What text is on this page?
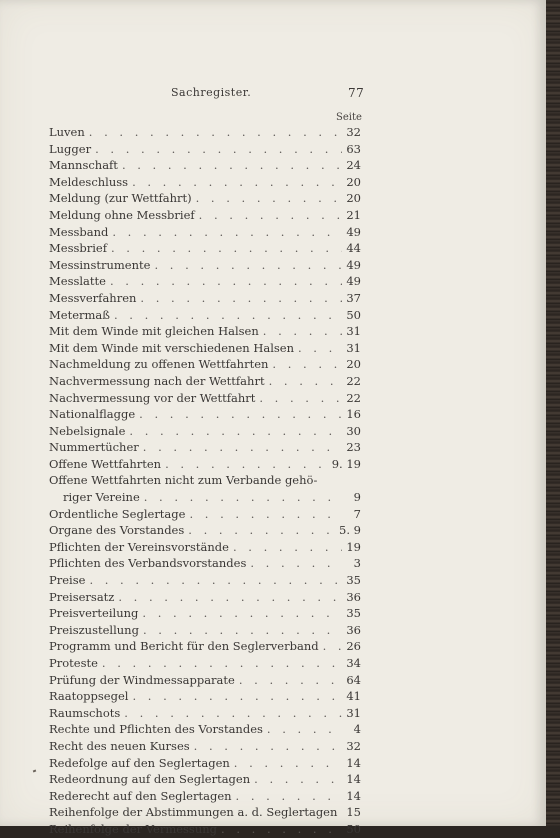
Sachregister.	77
Seite
Luven . . .	32
Lugger . . .	63
Mannschaft . . .	24
Meldeschluss . . .	20
Meldung (zur Wettfahrt) . . .	20
Meldung ohne Messbrief . . .	21
Messband . . .	49
Messbrief . . .	44
Messinstrumente . . .	49
Messlatte . . .	49
Messverfahren . . .	37
Metermaß . . .	50
Mit dem Winde mit gleichen Halsen . . .	31
Mit dem Winde mit verschiedenen Halsen . . .	31
Nachmeldung zu offenen Wettfahrten . . .	20
Nachvermessung nach der Wettfahrt . . .	22
Nachvermessung vor der Wettfahrt . . .	22
Nationalflagge . . .	16
Nebelsignale . . .	30
Nummertücher . . .	23
Offene Wettfahrten . . .	9. 19
Offene Wettfahrten nicht zum Verbande gehö-
riger Vereine . . .	9
Ordentliche Seglertage . . .	7
Organe des Vorstandes . . .	5. 9
Pflichten der Vereinsvorstände . . .	19
Pflichten des Verbandsvorstandes . . .	3
Preise . . .	35
Preisersatz . . .	36
Preisverteilung . . .	35
Preiszustellung . . .	36
Programm und Bericht für den Seglerverband . . . 26
Proteste . . .	34
Prüfung der Windmessapparate . . .	64
Raatoppsegel . . .	41
Raumschots . . .	31
Rechte und Pflichten des Vorstandes . . .	4
Recht des neuen Kurses . . .	32
Redefolge auf den Seglertagen . . .	14
Redeordnung auf den Seglertagen . . .	14
Rederecht auf den Seglertagen . . .	14
Reihenfolge der Abstimmungen a. d. Seglertagen . . . 15
Reihenfolge der Vermessung . . .	50
